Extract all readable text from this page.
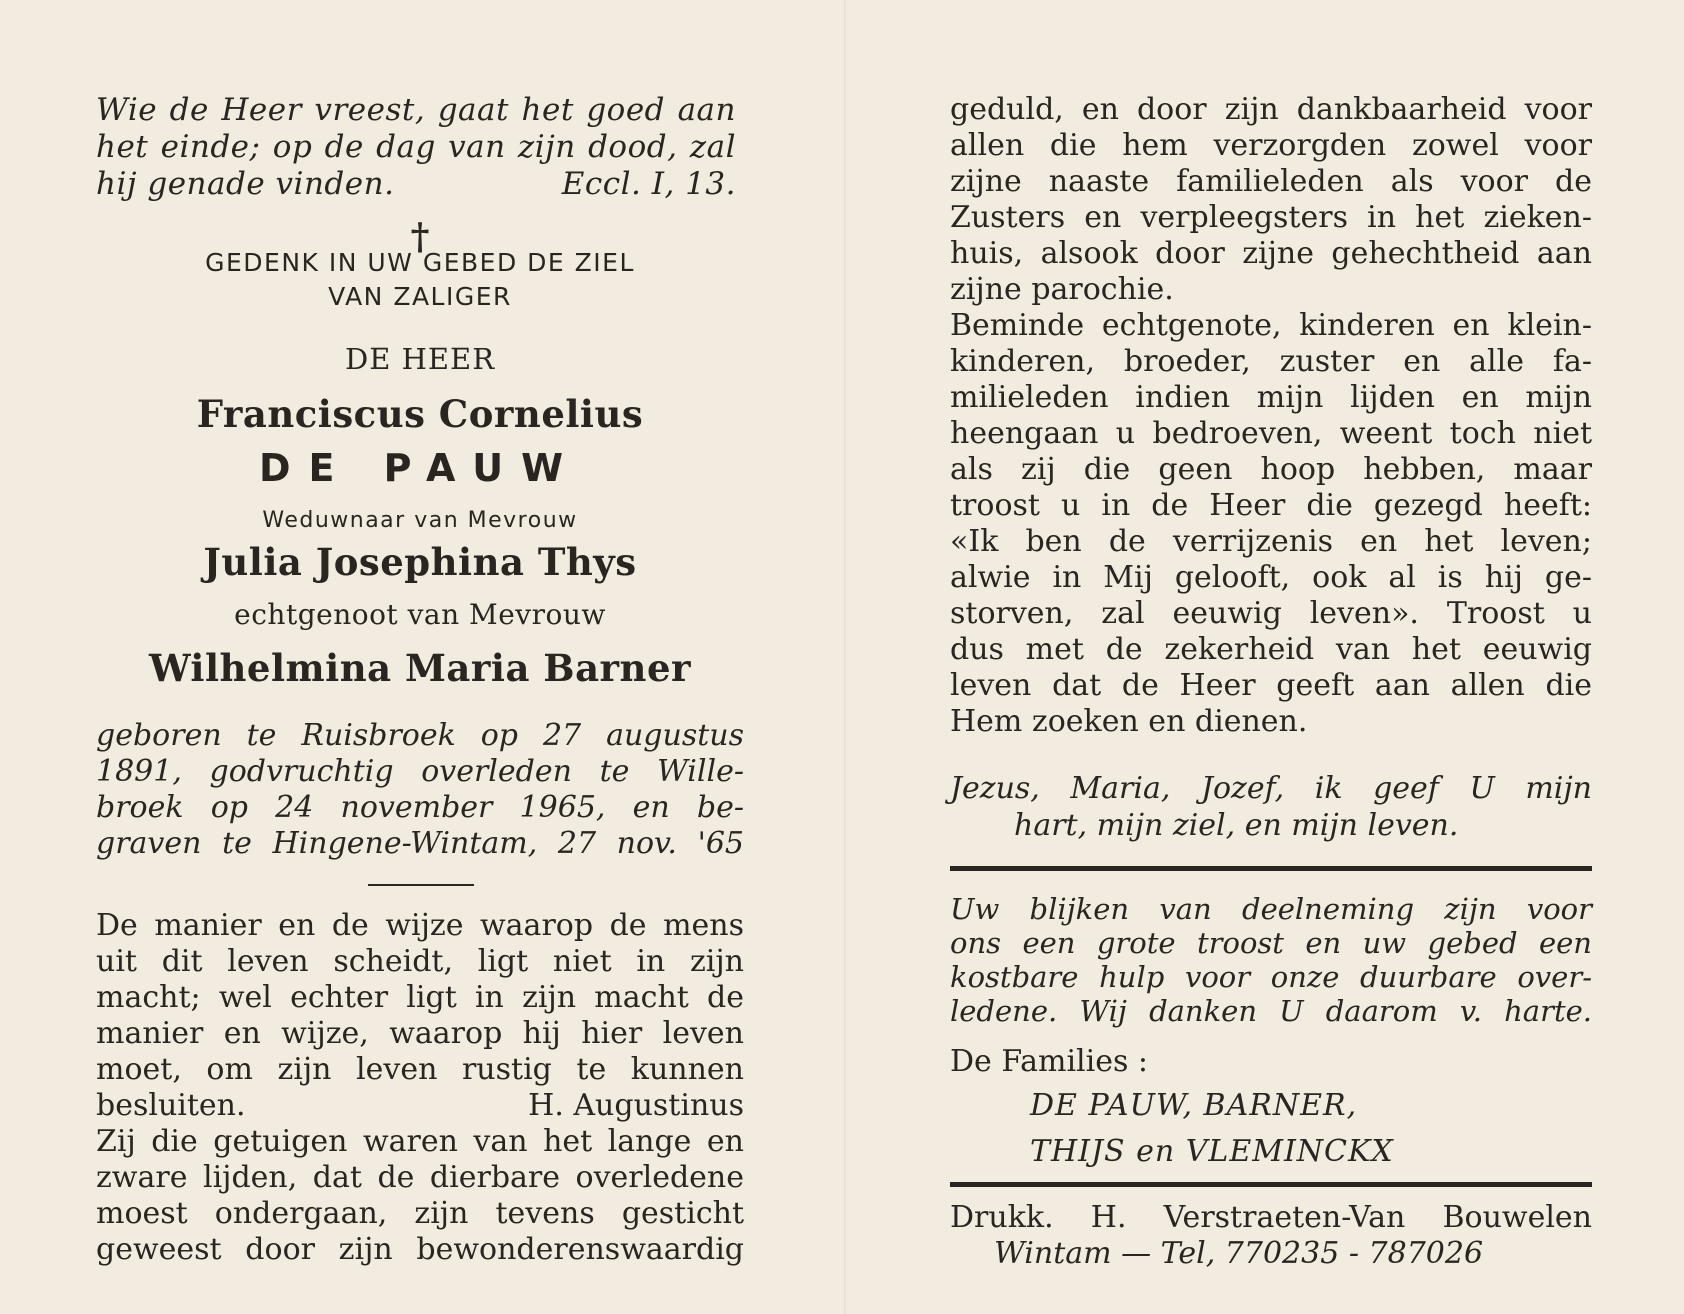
Wie de Heer vreest, gaat het goed aan

het einde; op de dag van zijn dood, zal

hij genade vinden.	Eccl. I, 13.
†
GEDENK IN UW GEBED DE ZIEL
VAN ZALIGER
DE HEER
Franciscus Cornelius
DE PAUW
Weduwnaar van Mevrouw
Julia Josephina Thys
echtgenoot van Mevrouw
Wilhelmina Maria Barner

geboren te Ruisbroek op 27 augustus

1891, godvruchtig overleden te Wille-

broek op 24 november 1965, en be-

graven te Hingene-Wintam, 27 nov. '65

De manier en de wijze waarop de mens

uit dit leven scheidt, ligt niet in zijn

macht; wel echter ligt in zijn macht de

manier en wijze, waarop hij hier leven

moet, om zijn leven rustig te kunnen

besluiten.	H. Augustinus

Zij die getuigen waren van het lange en

zware lijden, dat de dierbare overledene

moest ondergaan, zijn tevens gesticht

geweest door zijn bewonderenswaardig

geduld, en door zijn dankbaarheid voor

allen die hem verzorgden zowel voor

zijne naaste familieleden als voor de

Zusters en verpleegsters in het zieken-

huis, alsook door zijne gehechtheid aan

zijne parochie.

Beminde echtgenote, kinderen en klein-

kinderen, broeder, zuster en alle fa-

milieleden indien mijn lijden en mijn

heengaan u bedroeven, weent toch niet

als zij die geen hoop hebben, maar

troost u in de Heer die gezegd heeft:

«Ik ben de verrijzenis en het leven;

alwie in Mij gelooft, ook al is hij ge-

storven, zal eeuwig leven». Troost u

dus met de zekerheid van het eeuwig

leven dat de Heer geeft aan allen die

Hem zoeken en dienen.

Jezus, Maria, Jozef, ik geef U mijn

hart, mijn ziel, en mijn leven.

Uw blijken van deelneming zijn voor

ons een grote troost en uw gebed een

kostbare hulp voor onze duurbare over-

ledene. Wij danken U daarom v. harte.

De Families :
DE PAUW, BARNER,
THIJS en VLEMINCKX

Drukk. H. Verstraeten-Van Bouwelen

Wintam — Tel, 770235 - 787026
